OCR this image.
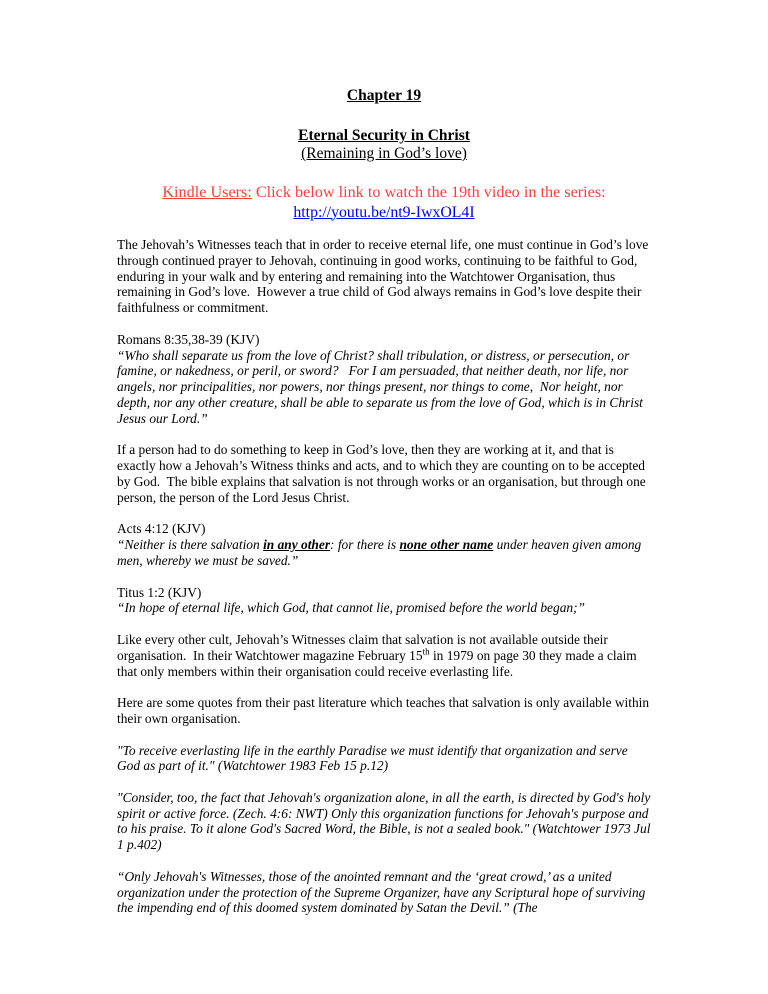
Chapter 19

Eternal Security in Christ

(Remaining in God’s love)

Kindle Users: Click below link to watch the 19th video in the series:

http://youtu.be/nt9-IwxOL4I

The Jehovah’s Witnesses teach that in order to receive eternal life, one must continue in God’s love through continued prayer to Jehovah, continuing in good works, continuing to be faithful to God, enduring in your walk and by entering and remaining into the Watchtower Organisation, thus remaining in God’s love.  However a true child of God always remains in God’s love despite their faithfulness or commitment.

Romans 8:35,38-39 (KJV)
“Who shall separate us from the love of Christ? shall tribulation, or distress, or persecution, or famine, or nakedness, or peril, or sword?   For I am persuaded, that neither death, nor life, nor angels, nor principalities, nor powers, nor things present, nor things to come,  Nor height, nor depth, nor any other creature, shall be able to separate us from the love of God, which is in Christ Jesus our Lord.”

If a person had to do something to keep in God’s love, then they are working at it, and that is exactly how a Jehovah’s Witness thinks and acts, and to which they are counting on to be accepted by God.  The bible explains that salvation is not through works or an organisation, but through one person, the person of the Lord Jesus Christ.

Acts 4:12 (KJV)
“Neither is there salvation in any other: for there is none other name under heaven given among men, whereby we must be saved.”

Titus 1:2 (KJV)
“In hope of eternal life, which God, that cannot lie, promised before the world began;”

Like every other cult, Jehovah’s Witnesses claim that salvation is not available outside their organisation.  In their Watchtower magazine February 15th in 1979 on page 30 they made a claim that only members within their organisation could receive everlasting life.

Here are some quotes from their past literature which teaches that salvation is only available within their own organisation.

"To receive everlasting life in the earthly Paradise we must identify that organization and serve God as part of it." (Watchtower 1983 Feb 15 p.12)

"Consider, too, the fact that Jehovah's organization alone, in all the earth, is directed by God's holy spirit or active force. (Zech. 4:6: NWT) Only this organization functions for Jehovah's purpose and to his praise. To it alone God's Sacred Word, the Bible, is not a sealed book." (Watchtower 1973 Jul 1 p.402)

“Only Jehovah's Witnesses, those of the anointed remnant and the ‘great crowd,’ as a united organization under the protection of the Supreme Organizer, have any Scriptural hope of surviving the impending end of this doomed system dominated by Satan the Devil.” (The
